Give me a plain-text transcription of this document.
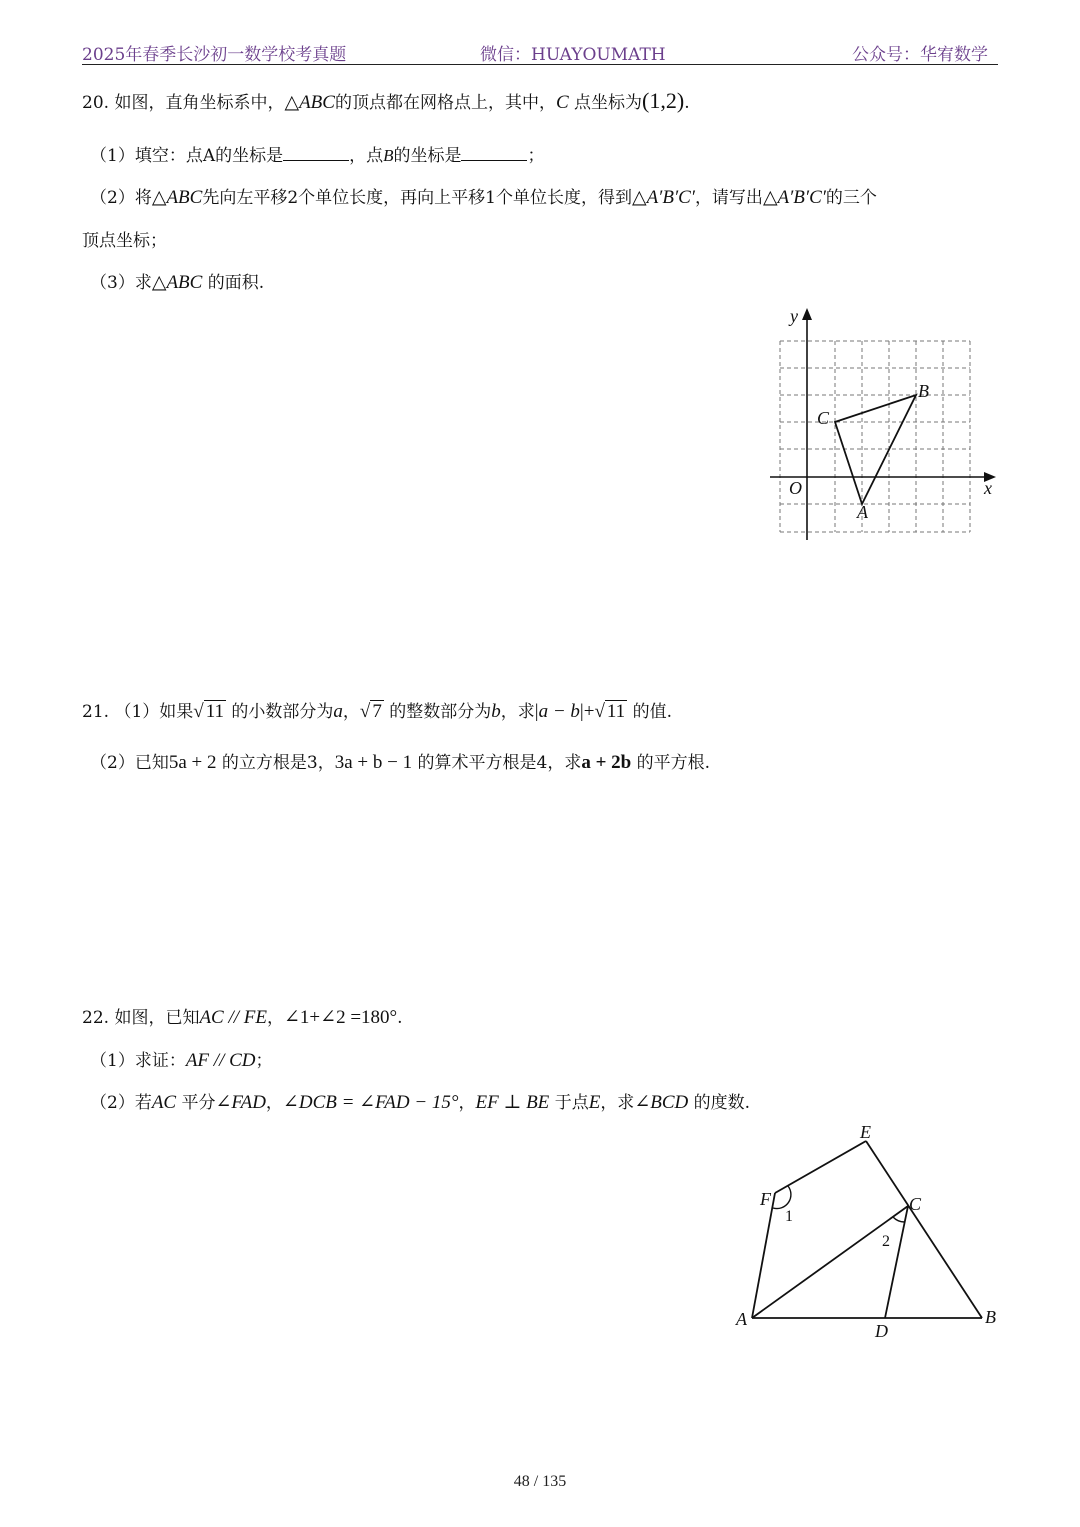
2025年春季长沙初一数学校考真题	微信：HUAYOUMATH	公众号：华宥数学
20. 如图，直角坐标系中，△ABC的顶点都在网格点上，其中，C 点坐标为(1,2).
（1）填空：点A的坐标是	，点B的坐标是	；
（2）将△ABC先向左平移2个单位长度，再向上平移1个单位长度，得到△A′B′C′，请写出△A′B′C′的三个
顶点坐标；
（3）求△ABC 的面积.
y
x
O
A
B
C
21. （1）如果√ 11 的小数部分为a，√ 7 的整数部分为b，求|a − b|+√ 11 的值.
（2）已知5a + 2 的立方根是3，3a + b − 1 的算术平方根是4，求a + 2b 的平方根.
22. 如图，已知AC // FE，∠1+∠2 =180°.
（1）求证：AF // CD；
（2）若AC 平分∠FAD，∠DCB = ∠FAD − 15°，EF ⊥ BE 于点E，求∠BCD 的度数.
E
F	C
A
D
B
1
2
48 / 135
